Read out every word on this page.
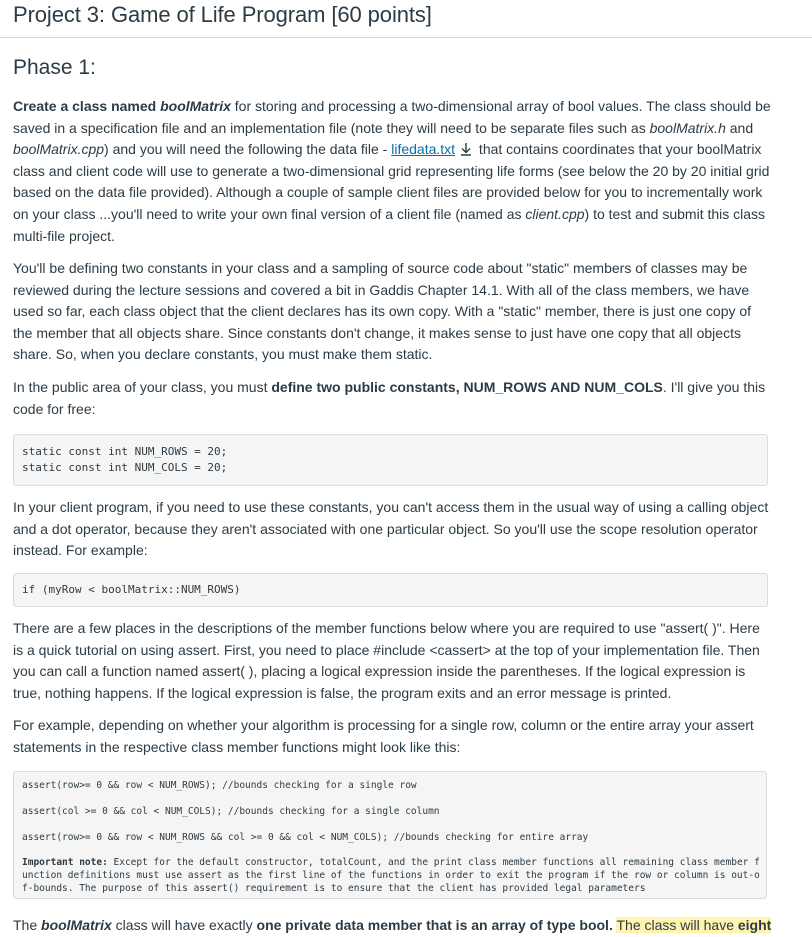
Project 3: Game of Life Program [60 points]
Phase 1:

Create a class named boolMatrix for storing and processing a two-dimensional array of bool values. The class should be saved in a specification file and an implementation file (note they will need to be separate files such as boolMatrix.h and boolMatrix.cpp) and you will need the following the data file - lifedata.txt that contains coordinates that your boolMatrix class and client code will use to generate a two-dimensional grid representing life forms (see below the 20 by 20 initial grid based on the data file provided). Although a couple of sample client files are provided below for you to incrementally work on your class ...you'll need to write your own final version of a client file (named as client.cpp) to test and submit this class multi-file project.

You'll be defining two constants in your class and a sampling of source code about "static" members of classes may be reviewed during the lecture sessions and covered a bit in Gaddis Chapter 14.1. With all of the class members, we have used so far, each class object that the client declares has its own copy. With a "static" member, there is just one copy of the member that all objects share. Since constants don't change, it makes sense to just have one copy that all objects share. So, when you declare constants, you must make them static.

In the public area of your class, you must define two public constants, NUM_ROWS AND NUM_COLS. I'll give you this code for free:

static const int NUM_ROWS = 20;
static const int NUM_COLS = 20;

In your client program, if you need to use these constants, you can't access them in the usual way of using a calling object and a dot operator, because they aren't associated with one particular object. So you'll use the scope resolution operator instead. For example:

if (myRow < boolMatrix::NUM_ROWS)

There are a few places in the descriptions of the member functions below where you are required to use "assert( )". Here is a quick tutorial on using assert. First, you need to place #include <cassert> at the top of your implementation file. Then you can call a function named assert( ), placing a logical expression inside the parentheses. If the logical expression is true, nothing happens. If the logical expression is false, the program exits and an error message is printed.

For example, depending on whether your algorithm is processing for a single row, column or the entire array your assert statements in the respective class member functions might look like this:

assert(row>= 0 && row < NUM_ROWS); //bounds checking for a single row
assert(col >= 0 && col < NUM_COLS); //bounds checking for a single column
assert(row>= 0 && row < NUM_ROWS && col >= 0 && col < NUM_COLS); //bounds checking for entire array
Important note: Except for the default constructor, totalCount, and the print class member functions all remaining class member function definitions must use assert as the first line of the functions in order to exit the program if the row or column is out-of-bounds. The purpose of this assert() requirement is to ensure that the client has provided legal parameters

The boolMatrix class will have exactly one private data member that is an array of type bool. The class will have eight
